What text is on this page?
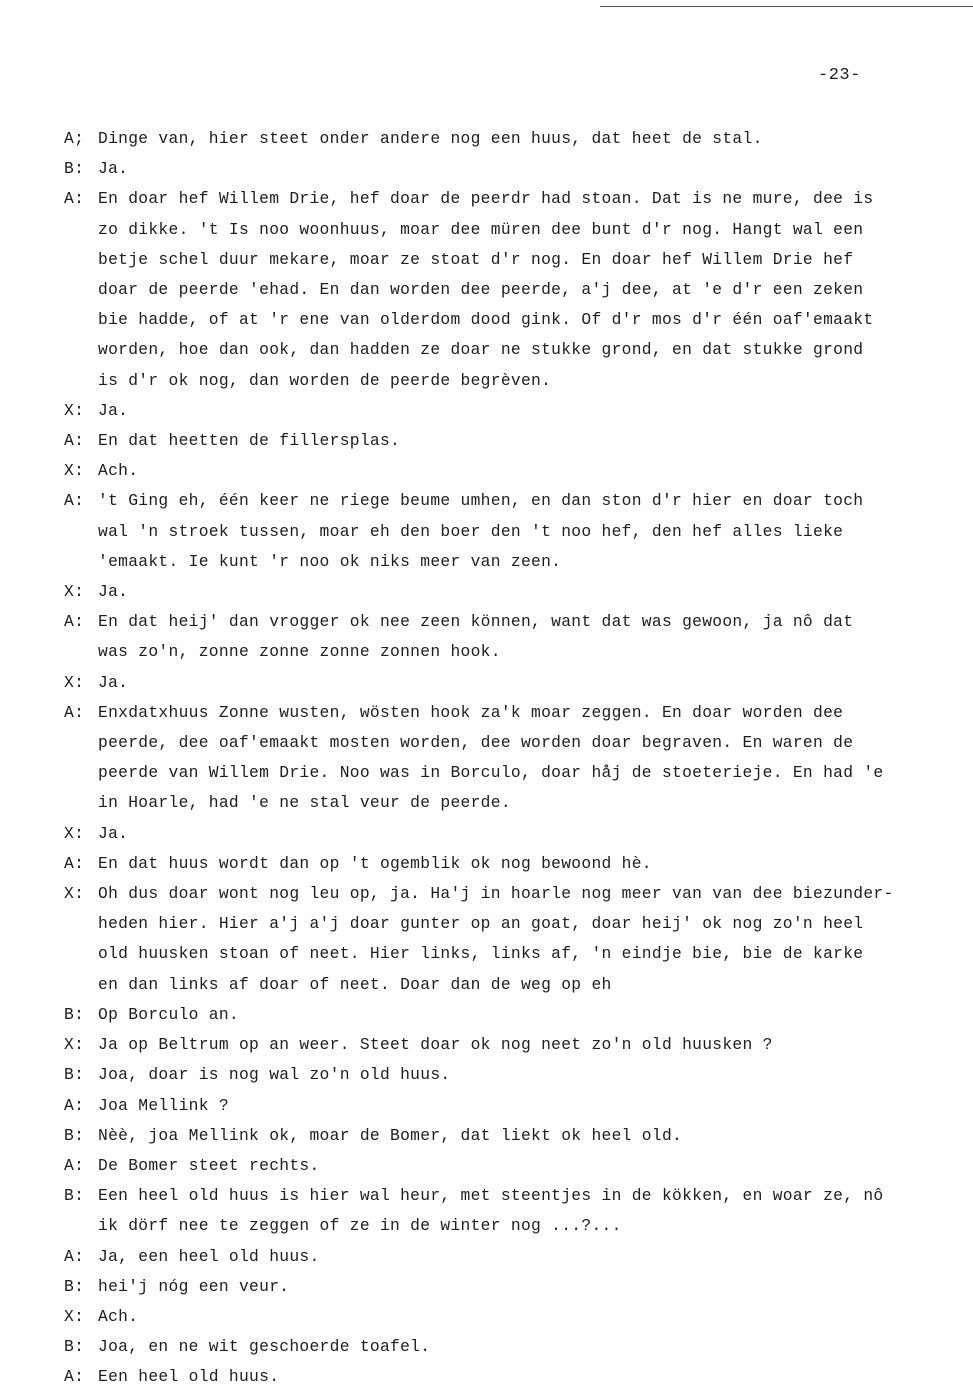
-23-
A; Dinge van, hier steet onder andere nog een huus, dat heet de stal.
B: Ja.
A: En doar hef Willem Drie, hef doar de peerdr had stoan. Dat is ne mure, dee is
zo dikke. 't Is noo woonhuus, moar dee müren dee bunt d'r nog. Hangt wal een
betje schel duur mekare, moar ze stoat d'r nog. En doar hef Willem Drie hef
doar de peerde 'ehad. En dan worden dee peerde, a'j dee, at 'e d'r een zeken
bie hadde, of at 'r ene van olderdom dood gink. Of d'r mos d'r één oaf'emaakt
worden, hoe dan ook, dan hadden ze doar ne stukke grond, en dat stukke grond
is d'r ok nog, dan worden de peerde begrèven.
X: Ja.
A: En dat heetten de fillersplas.
X: Ach.
A: 't Ging eh, één keer ne riege beume umhen, en dan ston d'r hier en doar toch
wal 'n stroek tussen, moar eh den boer den 't noo hef, den hef alles lieke
'emaakt. Ie kunt 'r noo ok niks meer van zeen.
X: Ja.
A: En dat heij' dan vrogger ok nee zeen können, want dat was gewoon, ja nô dat
was zo'n, zonne zonne zonne zonnen hook.
X: Ja.
A: Enxdatxhuus Zonne wusten, wösten hook za'k moar zeggen. En doar worden dee
peerde, dee oaf'emaakt mosten worden, dee worden doar begraven. En waren de
peerde van Willem Drie. Noo was in Borculo, doar håj de stoeterieje. En had 'e
in Hoarle, had 'e ne stal veur de peerde.
X: Ja.
A: En dat huus wordt dan op 't ogemblik ok nog bewoond hè.
X: Oh dus doar wont nog leu op, ja. Ha'j in hoarle nog meer van van dee biezunder-
heden hier. Hier a'j a'j doar gunter op an goat, doar heij' ok nog zo'n heel
old huusken stoan of neet. Hier links, links af, 'n eindje bie, bie de karke
en dan links af doar of neet. Doar dan de weg op eh
B: Op Borculo an.
X: Ja op Beltrum op an weer. Steet doar ok nog neet zo'n old huusken ?
B: Joa, doar is nog wal zo'n old huus.
A: Joa Mellink ?
B: Nèè, joa Mellink ok, moar de Bomer, dat liekt ok heel old.
A: De Bomer steet rechts.
B: Een heel old huus is hier wal heur, met steentjes in de kökken, en woar ze, nô
ik dörf nee te zeggen of ze in de winter nog ...?...
A: Ja, een heel old huus.
B: hei'j nóg een veur.
X: Ach.
B: Joa, en ne wit geschoerde toafel.
A: Een heel old huus.
